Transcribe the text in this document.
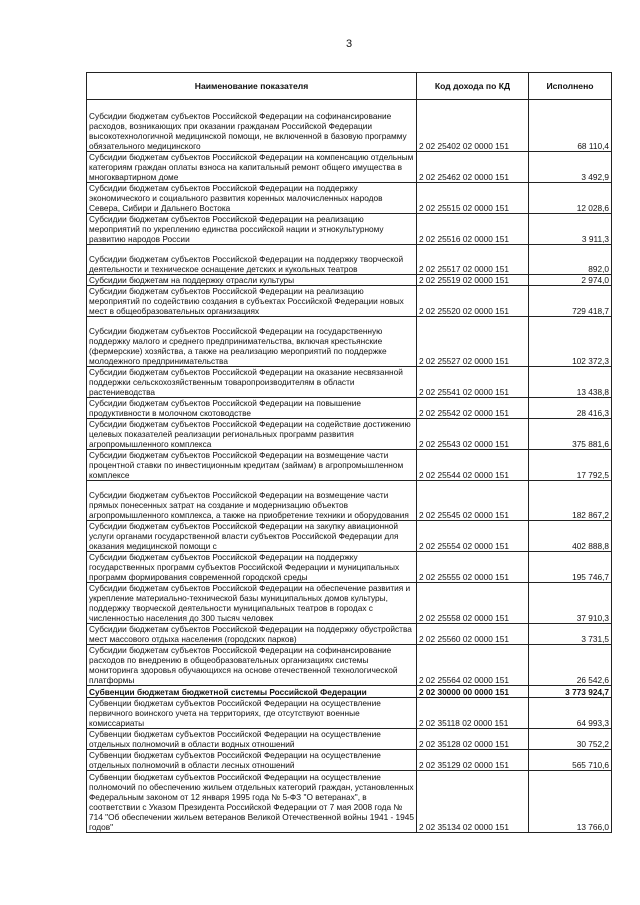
3
Наименование показателя	Код дохода по КД	Исполнено
Субсидии бюджетам субъектов Российской Федерации на софинансирование расходов, возникающих при оказании гражданам Российской Федерации высокотехнологичной медицинской помощи, не включенной в базовую программу обязательного медицинского	2 02 25402 02 0000 151	68 110,4
Субсидии бюджетам субъектов Российской Федерации на компенсацию отдельным категориям граждан оплаты взноса на капитальный ремонт общего имущества в многоквартирном доме	2 02 25462 02 0000 151	3 492,9
Субсидии бюджетам субъектов Российской Федерации на поддержку экономического и социального развития коренных малочисленных народов Севера, Сибири и Дальнего Востока	2 02 25515 02 0000 151	12 028,6
Субсидии бюджетам субъектов Российской Федерации на реализацию мероприятий по укреплению единства российской нации и этнокультурному развитию народов России	2 02 25516 02 0000 151	3 911,3
Субсидии бюджетам субъектов Российской Федерации на поддержку творческой деятельности и техническое оснащение детских и кукольных театров	2 02 25517 02 0000 151	892,0
Субсидии бюджетам на поддержку отрасли культуры	2 02 25519 02 0000 151	2 974,0
Субсидии бюджетам субъектов Российской Федерации на реализацию мероприятий по содействию создания в субъектах Российской Федерации новых мест в общеобразовательных организациях	2 02 25520 02 0000 151	729 418,7
Субсидии бюджетам субъектов Российской Федерации на государственную поддержку малого и среднего предпринимательства, включая крестьянские (фермерские) хозяйства, а также на реализацию мероприятий по поддержке молодежного предпринимательства	2 02 25527 02 0000 151	102 372,3
Субсидии бюджетам субъектов Российской Федерации на оказание несвязанной поддержки сельскохозяйственным товаропроизводителям в области растениеводства	2 02 25541 02 0000 151	13 438,8
Субсидии бюджетам субъектов Российской Федерации на повышение продуктивности в молочном скотоводстве	2 02 25542 02 0000 151	28 416,3
Субсидии бюджетам субъектов Российской Федерации на содействие достижению целевых показателей реализации региональных программ развития агропромышленного комплекса	2 02 25543 02 0000 151	375 881,6
Субсидии бюджетам субъектов Российской Федерации на возмещение части процентной ставки по инвестиционным кредитам (займам) в агропромышленном комплексе	2 02 25544 02 0000 151	17 792,5
Субсидии бюджетам субъектов Российской Федерации на возмещение части прямых понесенных затрат на создание и модернизацию объектов агропромышленного комплекса, а также на приобретение техники и оборудования	2 02 25545 02 0000 151	182 867,2
Субсидии бюджетам субъектов Российской Федерации на закупку авиационной услуги органами государственной власти субъектов Российской Федерации для оказания медицинской помощи с	2 02 25554 02 0000 151	402 888,8
Субсидии бюджетам субъектов Российской Федерации на поддержку государственных программ субъектов Российской Федерации и муниципальных программ формирования современной городской среды	2 02 25555 02 0000 151	195 746,7
Субсидии бюджетам субъектов Российской Федерации на обеспечение развития и укрепление материально-технической базы муниципальных домов культуры, поддержку творческой деятельности муниципальных театров в городах с численностью населения до 300 тысяч человек	2 02 25558 02 0000 151	37 910,3
Субсидии бюджетам субъектов Российской Федерации на поддержку обустройства мест массового отдыха населения (городских парков)	2 02 25560 02 0000 151	3 731,5
Субсидии бюджетам субъектов Российской Федерации на софинансирование расходов по внедрению в общеобразовательных организациях системы мониторинга здоровья обучающихся на основе отечественной технологической платформы	2 02 25564 02 0000 151	26 542,6
Субвенции бюджетам бюджетной системы Российской Федерации	2 02 30000 00 0000 151	3 773 924,7
Субвенции бюджетам субъектов Российской Федерации на осуществление первичного воинского учета на территориях, где отсутствуют военные комиссариаты	2 02 35118 02 0000 151	64 993,3
Субвенции бюджетам субъектов Российской Федерации на осуществление отдельных полномочий в области водных отношений	2 02 35128 02 0000 151	30 752,2
Субвенции бюджетам субъектов Российской Федерации на осуществление отдельных полномочий в области лесных отношений	2 02 35129 02 0000 151	565 710,6
Субвенции бюджетам субъектов Российской Федерации на осуществление полномочий по обеспечению жильем отдельных категорий граждан, установленных Федеральным законом от 12 января 1995 года № 5-ФЗ "О ветеранах", в соответствии с Указом Президента Российской Федерации от 7 мая 2008 года № 714 "Об обеспечении жильем ветеранов Великой Отечественной войны 1941 - 1945 годов"	2 02 35134 02 0000 151	13 766,0
